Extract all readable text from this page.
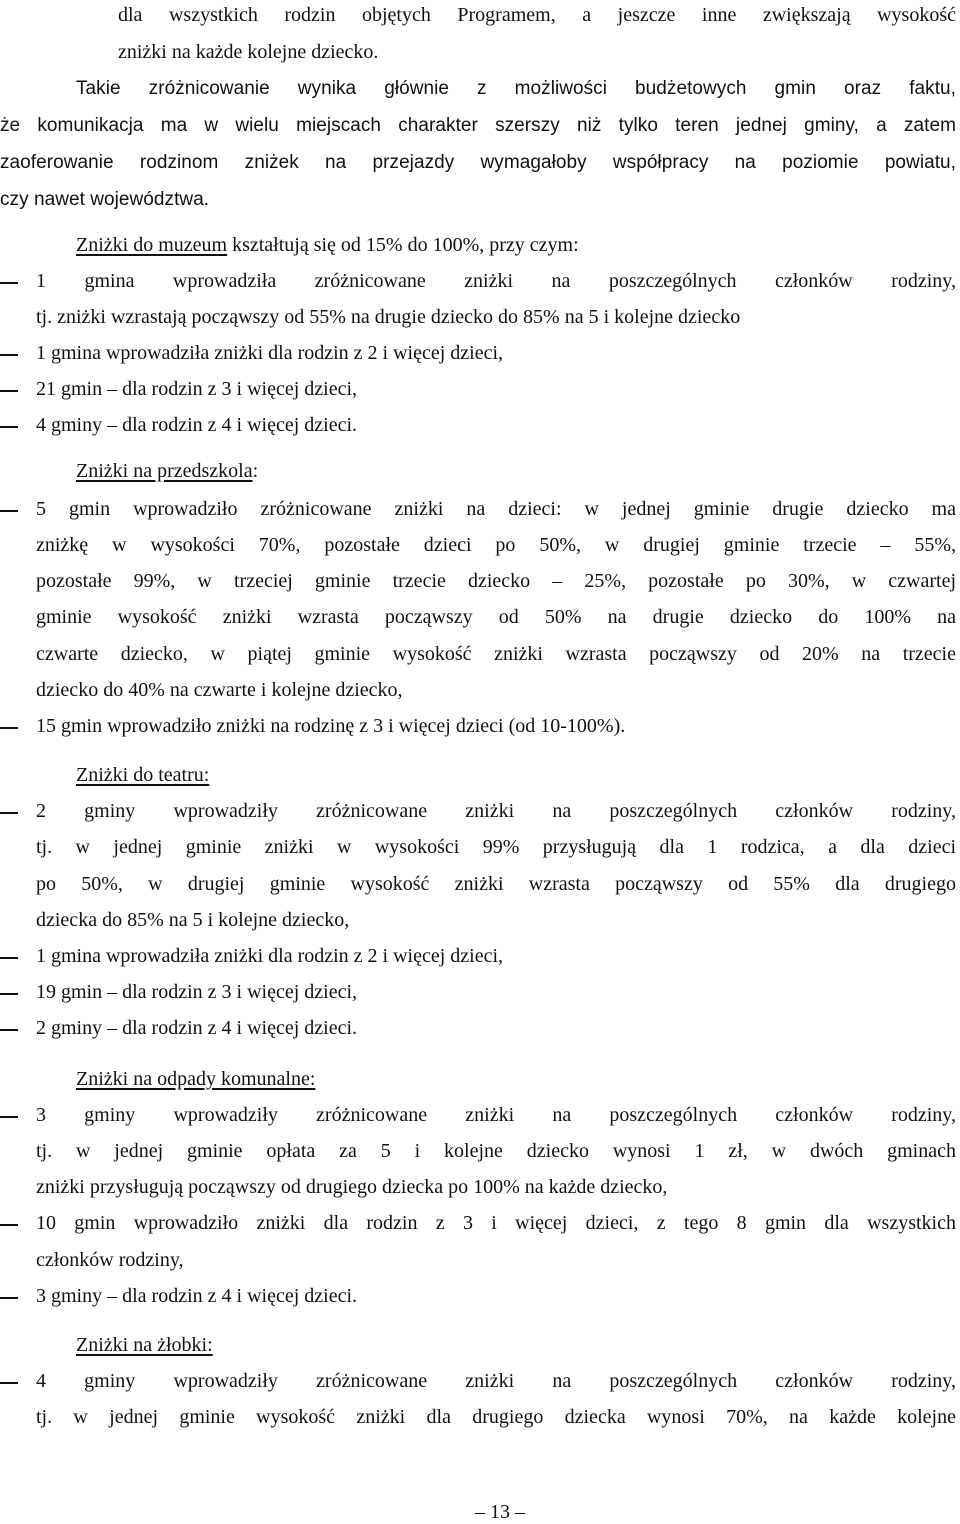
dla wszystkich rodzin objętych Programem, a jeszcze inne zwiększają wysokość
zniżki na każde kolejne dziecko.
Takie zróżnicowanie wynika głównie z możliwości budżetowych gmin oraz faktu,
że komunikacja ma w wielu miejscach charakter szerszy niż tylko teren jednej gminy, a zatem
zaoferowanie rodzinom zniżek na przejazdy wymagałoby współpracy na poziomie powiatu,
czy nawet województwa.
Zniżki do muzeum kształtują się od 15% do 100%, przy czym:
1 gmina wprowadziła zróżnicowane zniżki na poszczególnych członków rodziny,
tj. zniżki wzrastają począwszy od 55% na drugie dziecko do 85% na 5 i kolejne dziecko
1 gmina wprowadziła zniżki dla rodzin z 2 i więcej dzieci,
21 gmin – dla rodzin z 3 i więcej dzieci,
4 gminy – dla rodzin z 4 i więcej dzieci.
Zniżki na przedszkola:
5 gmin wprowadziło zróżnicowane zniżki na dzieci: w jednej gminie drugie dziecko ma
zniżkę w wysokości 70%, pozostałe dzieci po 50%, w drugiej gminie trzecie – 55%,
pozostałe 99%, w trzeciej gminie trzecie dziecko – 25%, pozostałe po 30%, w czwartej
gminie wysokość zniżki wzrasta począwszy od 50% na drugie dziecko do 100% na
czwarte dziecko, w piątej gminie wysokość zniżki wzrasta począwszy od 20% na trzecie
dziecko do 40% na czwarte i kolejne dziecko,
15 gmin wprowadziło zniżki na rodzinę z 3 i więcej dzieci (od 10-100%).
Zniżki do teatru:
2 gminy wprowadziły zróżnicowane zniżki na poszczególnych członków rodziny,
tj. w jednej gminie zniżki w wysokości 99% przysługują dla 1 rodzica, a dla dzieci
po 50%, w drugiej gminie wysokość zniżki wzrasta począwszy od 55% dla drugiego
dziecka do 85% na 5 i kolejne dziecko,
1 gmina wprowadziła zniżki dla rodzin z 2 i więcej dzieci,
19 gmin – dla rodzin z 3 i więcej dzieci,
2 gminy – dla rodzin z 4 i więcej dzieci.
Zniżki na odpady komunalne:
3 gminy wprowadziły zróżnicowane zniżki na poszczególnych członków rodziny,
tj. w jednej gminie opłata za 5 i kolejne dziecko wynosi 1 zł, w dwóch gminach
zniżki przysługują począwszy od drugiego dziecka po 100% na każde dziecko,
10 gmin wprowadziło zniżki dla rodzin z 3 i więcej dzieci, z tego 8 gmin dla wszystkich
członków rodziny,
3 gminy – dla rodzin z 4 i więcej dzieci.
Zniżki na żłobki:
4 gminy wprowadziły zróżnicowane zniżki na poszczególnych członków rodziny,
tj. w jednej gminie wysokość zniżki dla drugiego dziecka wynosi 70%, na każde kolejne
– 13 –
